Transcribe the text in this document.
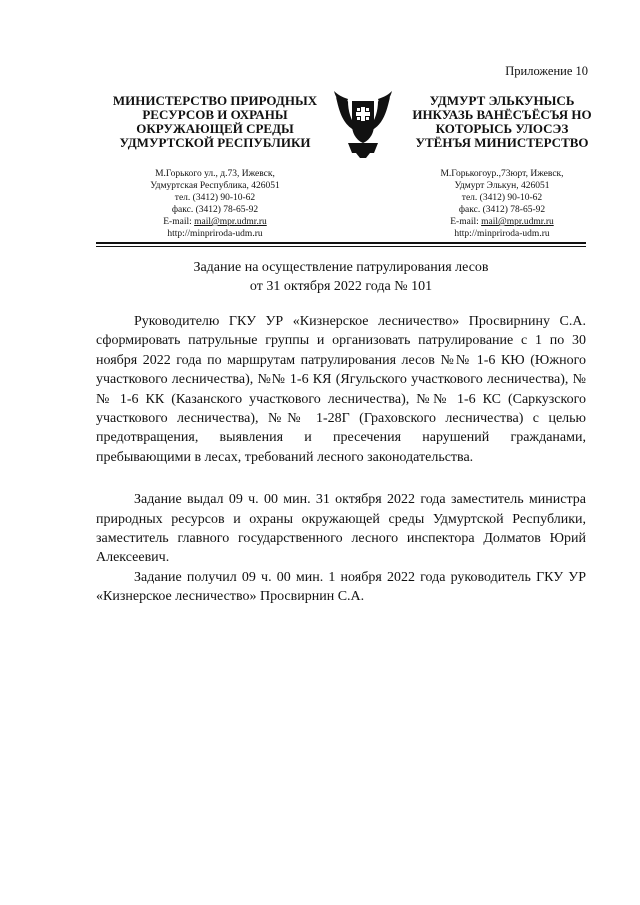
Приложение 10
МИНИСТЕРСТВО ПРИРОДНЫХ
РЕСУРСОВ И ОХРАНЫ
ОКРУЖАЮЩЕЙ СРЕДЫ
УДМУРТСКОЙ РЕСПУБЛИКИ
М.Горького ул., д.73, Ижевск,
Удмуртская Республика, 426051
тел. (3412) 90-10-62
факс. (3412) 78-65-92
E-mail: mail@mpr.udmr.ru
http://minpriroda-udm.ru
УДМУРТ ЭЛЬКУНЫСЬ
ИНКУАЗЬ ВАНЁСЪЁСЪЯ НО
КОТОРЫСЬ УЛОСЭЗ
УТЁНЪЯ МИНИСТЕРСТВО
М.Горькогоур.,73юрт, Ижевск,
Удмурт Элькун, 426051
тел. (3412) 90-10-62
факс. (3412) 78-65-92
E-mail: mail@mpr.udmr.ru
http://minpriroda-udm.ru
Задание на осуществление патрулирования лесов
от 31 октября 2022 года № 101

Руководителю ГКУ УР «Кизнерское лесничество» Просвирнину С.А. сформировать патрульные группы и организовать патрулирование с 1 по 30 ноября 2022 года по маршрутам патрулирования лесов №№ 1-6 КЮ (Южного участкового лесничества), №№ 1-6 КЯ (Ягульского участкового лесничества), №№ 1-6 КК (Казанского участкового лесничества), №№ 1-6 КС (Саркузского участкового лесничества), №№ 1-28Г (Граховского лесничества) с целью предотвращения, выявления и пресечения нарушений гражданами, пребывающими в лесах, требований лесного законодательства.

Задание выдал 09 ч. 00 мин. 31 октября 2022 года заместитель министра природных ресурсов и охраны окружающей среды Удмуртской Республики, заместитель главного государственного лесного инспектора Долматов Юрий Алексеевич.

Задание получил 09 ч. 00 мин. 1 ноября 2022 года руководитель ГКУ УР «Кизнерское лесничество» Просвирнин С.А.
